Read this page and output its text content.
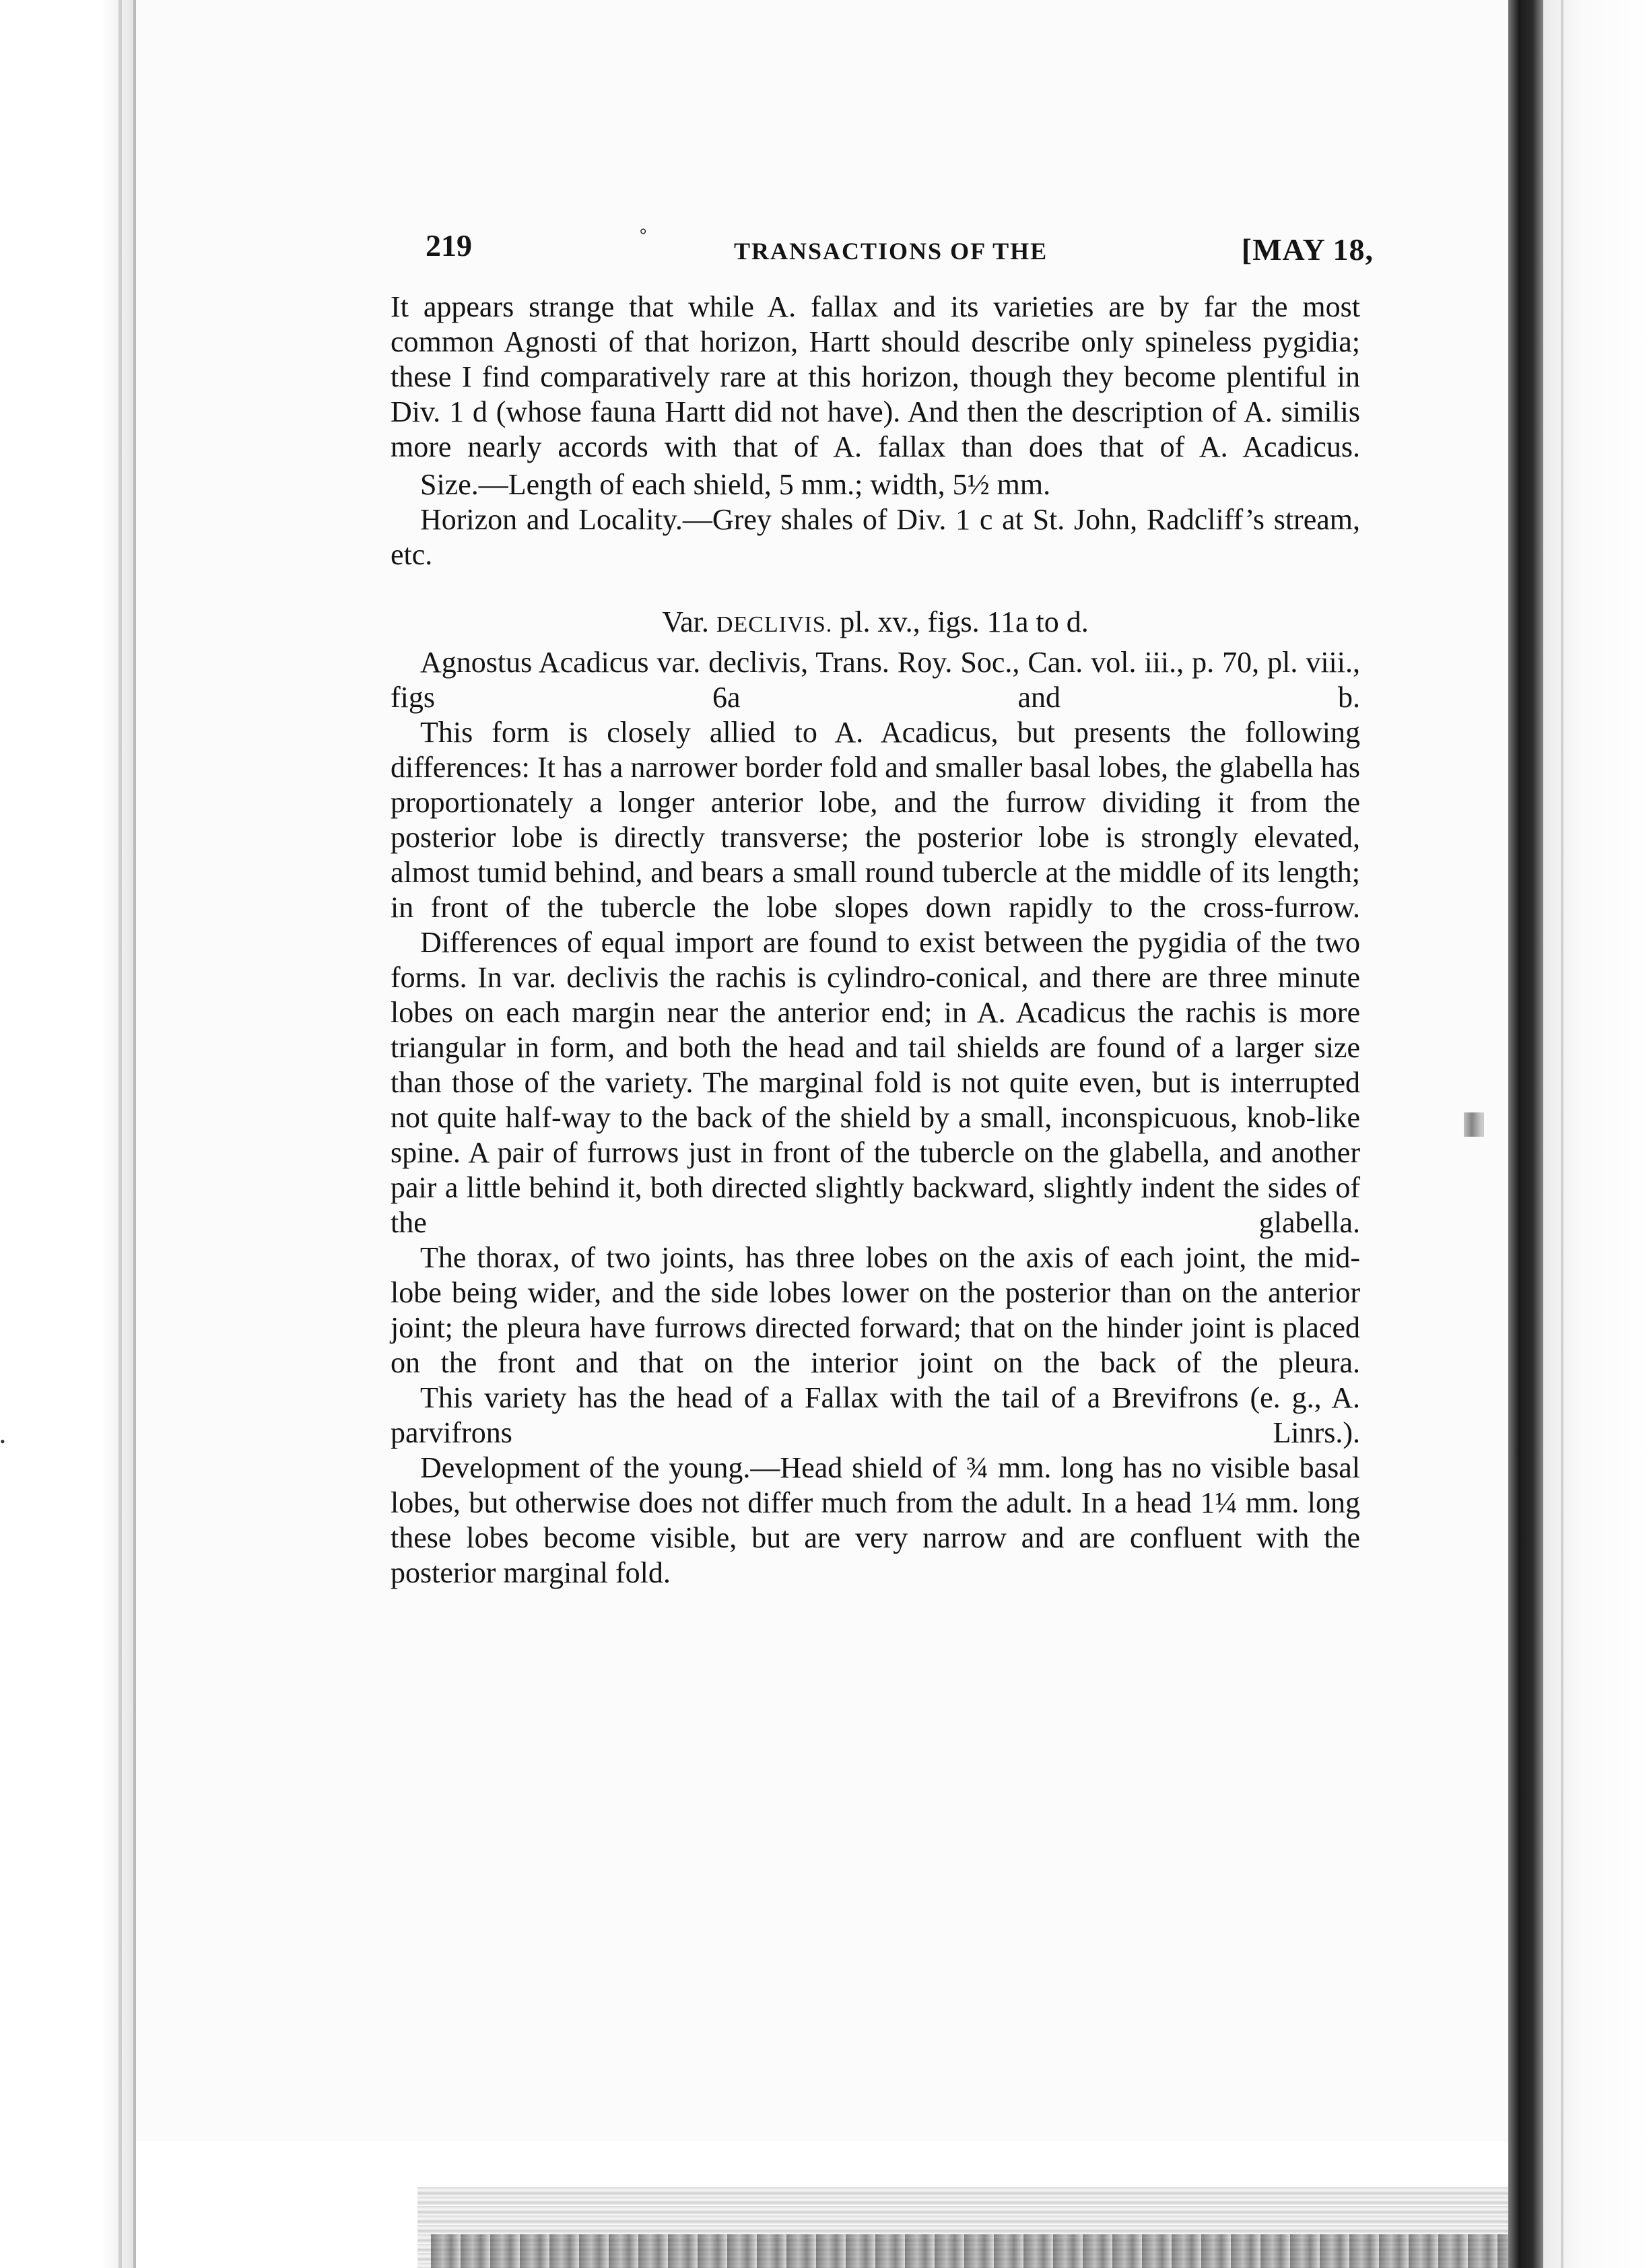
•
219	°
TRANSACTIONS OF THE	[MAY 18,

It appears strange that while A. fallax and its varieties are by far the most common Agnosti of that horizon, Hartt should describe only spineless pygidia; these I find comparatively rare at this horizon, though they become plentiful in Div. 1 d (whose fauna Hartt did not have). And then the description of A. similis more nearly accords with that of A. fallax than does that of A. Acadicus.

Size.—Length of each shield, 5 mm.; width, 5½ mm.

Horizon and Locality.—Grey shales of Div. 1 c at St. John, Radcliff’s stream, etc.

Var. DECLIVIS. pl. xv., figs. 11a to d.

Agnostus Acadicus var. declivis, Trans. Roy. Soc., Can. vol. iii., p. 70, pl. viii., figs 6a and b.

This form is closely allied to A. Acadicus, but presents the following differences: It has a narrower border fold and smaller basal lobes, the glabella has proportionately a longer anterior lobe, and the furrow dividing it from the posterior lobe is directly transverse; the posterior lobe is strongly elevated, almost tumid behind, and bears a small round tubercle at the middle of its length; in front of the tubercle the lobe slopes down rapidly to the cross-furrow.

Differences of equal import are found to exist between the pygidia of the two forms. In var. declivis the rachis is cylindro-conical, and there are three minute lobes on each margin near the anterior end; in A. Acadicus the rachis is more triangular in form, and both the head and tail shields are found of a larger size than those of the variety. The marginal fold is not quite even, but is interrupted not quite half-way to the back of the shield by a small, inconspicuous, knob-like spine. A pair of furrows just in front of the tubercle on the glabella, and another pair a little behind it, both directed slightly backward, slightly indent the sides of the glabella.

The thorax, of two joints, has three lobes on the axis of each joint, the mid-lobe being wider, and the side lobes lower on the posterior than on the anterior joint; the pleura have furrows directed forward; that on the hinder joint is placed on the front and that on the interior joint on the back of the pleura.

This variety has the head of a Fallax with the tail of a Brevifrons (e. g., A. parvifrons Linrs.).

Development of the young.—Head shield of ¾ mm. long has no visible basal lobes, but otherwise does not differ much from the adult. In a head 1¼ mm. long these lobes become visible, but are very narrow and are confluent with the posterior marginal fold.
